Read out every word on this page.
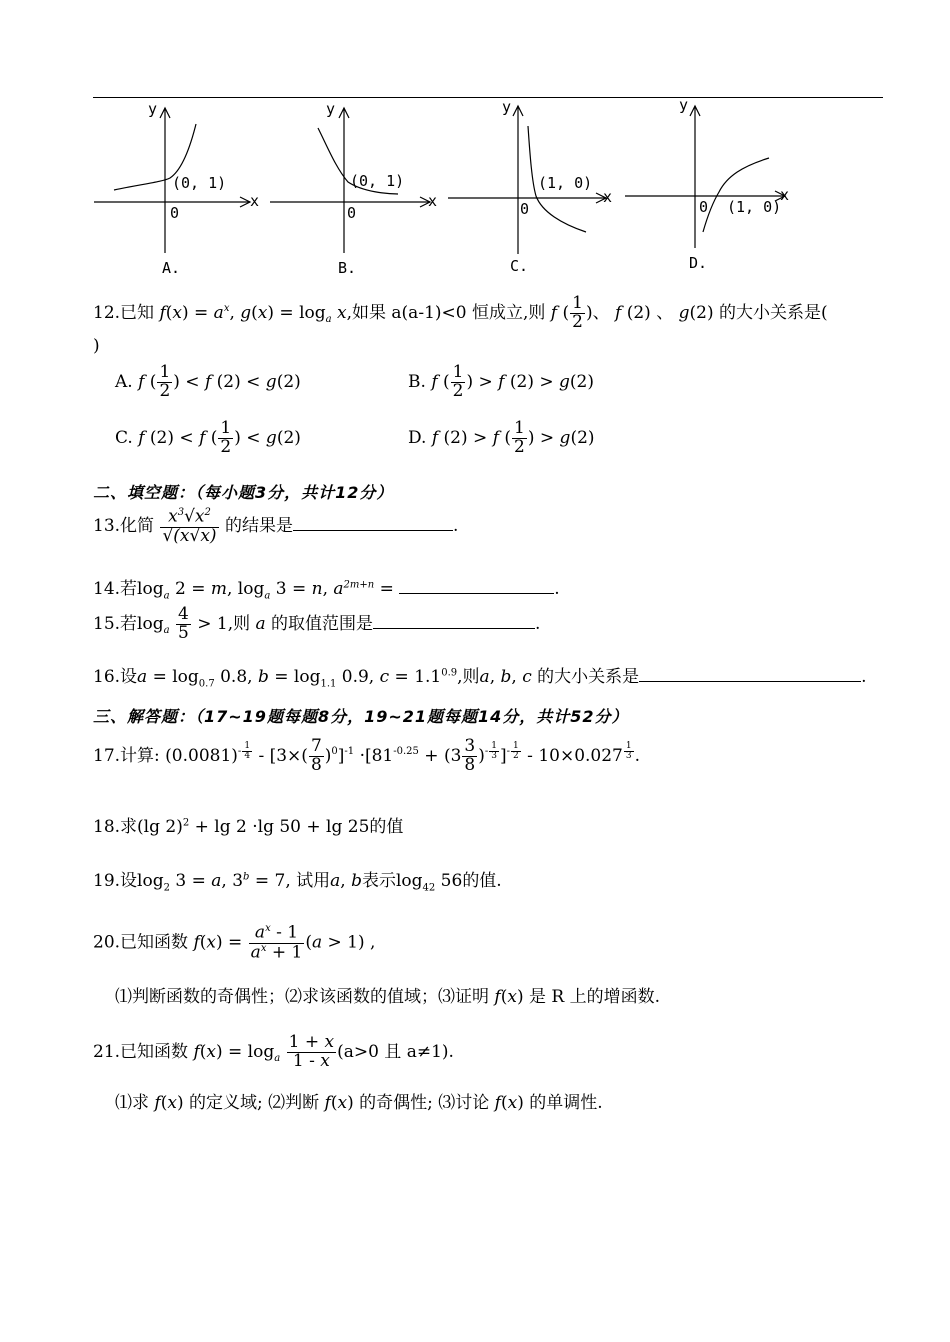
y
x
(0, 1)
0
A.
y
x
(0, 1)
0
B.
y
x
(1, 0)
0
C.
y
x
(1, 0)
0
D.
12.已知 $f(x) = a^x$, $g(x) = \log_a x$,如果 a(a-1)<0 恒成立,则 f ( $\frac{1}{2}$ )、 f (2) 、 g(2) 的大小关系是(
)
A. f ( $\frac{1}{2}$ ) < f (2) < g(2)	B. f ( $\frac{1}{2}$ ) > f (2) > g(2)
C. f (2) < f ( $\frac{1}{2}$ ) < g(2)	D. f (2) > f ( $\frac{1}{2}$ ) > g(2)
二、填空题：（每小题3分，共计12分）
13.化简 $\frac{x^3√x^2}{√(x√x)}$ 的结果是	.
14.若$\log_a 2 = m$, $\log_a 3 = n$, $a^{2m+n}$ =	.
15.若$\log_a \frac{4}{5} > 1$,则 a 的取值范围是	.
16.设$a = \log_{0.7} 0.8$, $b = \log_{1.1} 0.9$, $c = 1.1^{0.9}$,则a, b, c 的大小关系是	.
三、解答题：（17~19题每题8分，19~21题每题14分，共计52分）
17.计算: $(0.0081)^{- \frac{1}{4}} - [3\times( \frac{7}{8} )^0]^{-1} \cdot[81^{-0.25} + (3 \frac{3}{8} )^{- \frac{1}{3}}$ ]$^{- \frac{1}{2}}$ - 10×0.027 $^{\frac{1}{3}}$ .
18.求(lg 2)$^2$ + lg 2 ·lg 50 + lg 25的值
19.设$\log_2 3 = a$, $3^b = 7$, 试用a, b表示$\log_{42} 56$的值.
20.已知函数 $f(x) = \frac{a^x - 1}{a^x + 1} (a > 1)$ ,
⑴判断函数的奇偶性；⑵求该函数的值域；⑶证明 f(x) 是 R 上的增函数.
21.已知函数 $f(x) = \log_a \frac{1 + x}{1 - x} (a>0$ 且 a≠1).
⑴求 f(x) 的定义域; ⑵判断 f(x) 的奇偶性; ⑶讨论 f(x) 的单调性.
